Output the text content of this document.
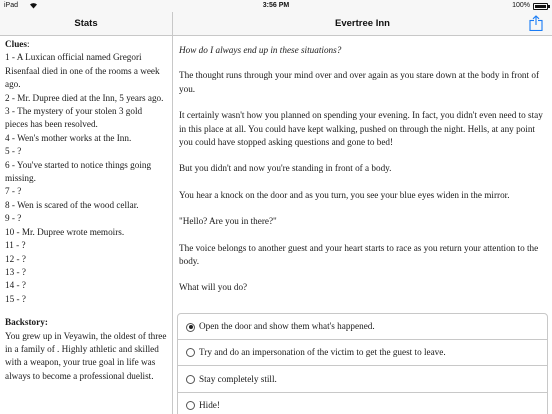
iPad	3:56 PM	100%
Stats	Evertree Inn
Clues:
1 - A Luxican official named Gregori Risenfaal died in one of the rooms a week ago.
2 - Mr. Dupree died at the Inn, 5 years ago.
3 - The mystery of your stolen 3 gold pieces has been resolved.
4 - Wen's mother works at the Inn.
5 - ?
6 - You've started to notice things going missing.
7 - ?
8 - Wen is scared of the wood cellar.
9 - ?
10 - Mr. Dupree wrote memoirs.
11 - ?
12 - ?
13 - ?
14 - ?
15 - ?
Backstory:
You grew up in Veyawin, the oldest of three in a family of . Highly athletic and skilled with a weapon, your true goal in life was always to become a professional duelist.

How do I always end up in these situations?

The thought runs through your mind over and over again as you stare down at the body in front of you.

It certainly wasn't how you planned on spending your evening. In fact, you didn't even need to stay in this place at all. You could have kept walking, pushed on through the night. Hells, at any point you could have stopped asking questions and gone to bed!

But you didn't and now you're standing in front of a body.

You hear a knock on the door and as you turn, you see your blue eyes widen in the mirror.

"Hello? Are you in there?"

The voice belongs to another guest and your heart starts to race as you return your attention to the body.

What will you do?

Open the door and show them what's happened.
Try and do an impersonation of the victim to get the guest to leave.
Stay completely still.
Hide!
